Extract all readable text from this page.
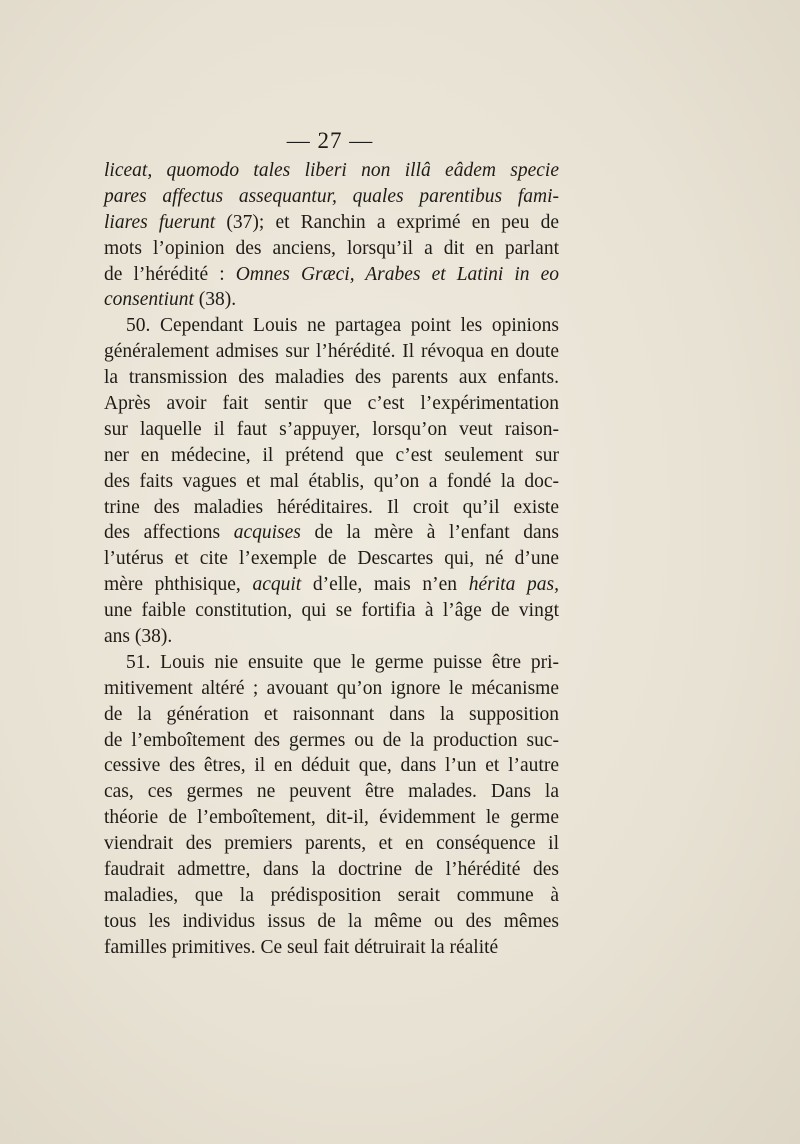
— 27 —
liceat, quomodo tales liberi non illâ eâdem specie
pares affectus assequantur, quales parentibus fami-
liares fuerunt (37); et Ranchin a exprimé en peu de
mots l’opinion des anciens, lorsqu’il a dit en parlant
de l’hérédité : Omnes Græci, Arabes et Latini in eo
consentiunt (38).
50. Cependant Louis ne partagea point les opinions
généralement admises sur l’hérédité. Il révoqua en doute
la transmission des maladies des parents aux enfants.
Après avoir fait sentir que c’est l’expérimentation
sur laquelle il faut s’appuyer, lorsqu’on veut raison-
ner en médecine, il prétend que c’est seulement sur
des faits vagues et mal établis, qu’on a fondé la doc-
trine des maladies héréditaires. Il croit qu’il existe
des affections acquises de la mère à l’enfant dans
l’utérus et cite l’exemple de Descartes qui, né d’une
mère phthisique, acquit d’elle, mais n’en hérita pas,
une faible constitution, qui se fortifia à l’âge de vingt
ans (38).
51. Louis nie ensuite que le germe puisse être pri-
mitivement altéré ; avouant qu’on ignore le mécanisme
de la génération et raisonnant dans la supposition
de l’emboîtement des germes ou de la production suc-
cessive des êtres, il en déduit que, dans l’un et l’autre
cas, ces germes ne peuvent être malades. Dans la
théorie de l’emboîtement, dit-il, évidemment le germe
viendrait des premiers parents, et en conséquence il
faudrait admettre, dans la doctrine de l’hérédité des
maladies, que la prédisposition serait commune à
tous les individus issus de la même ou des mêmes
familles primitives. Ce seul fait détruirait la réalité
